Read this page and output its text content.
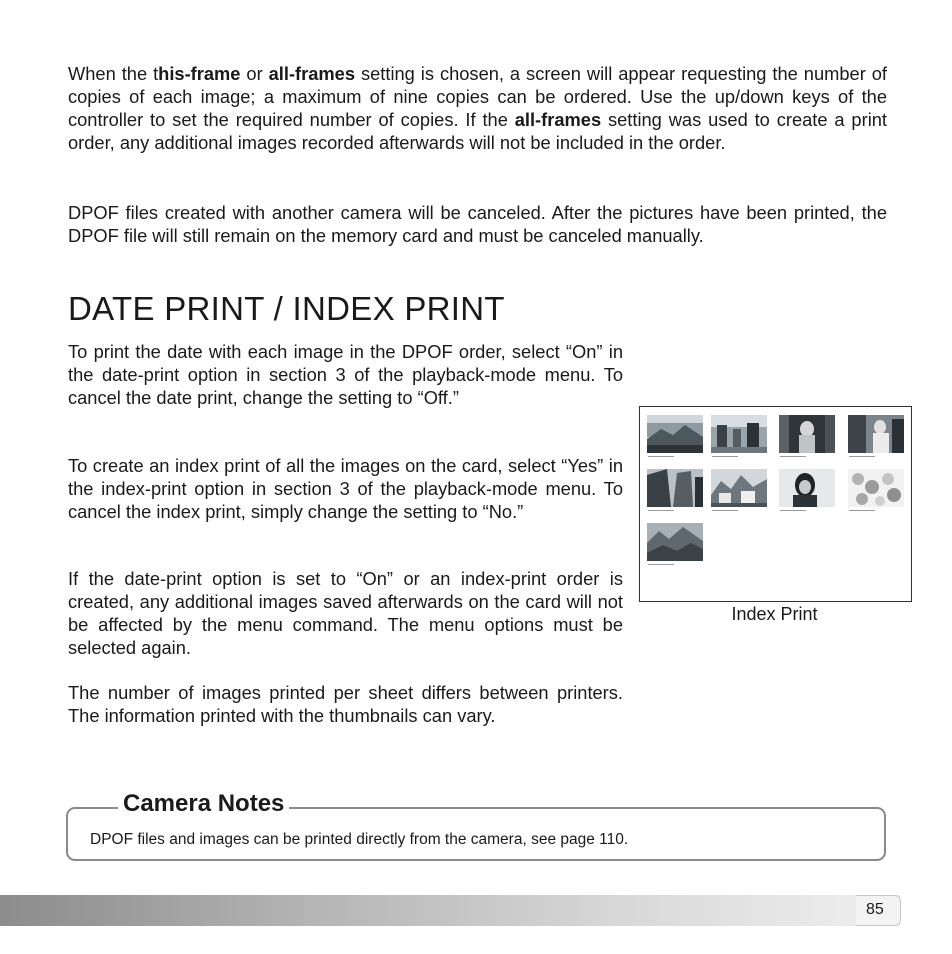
When the this-frame or all-frames setting is chosen, a screen will appear requesting the number of copies of each image; a maximum of nine copies can be ordered. Use the up/down keys of the controller to set the required number of copies. If the all-frames setting was used to create a print order, any additional images recorded afterwards will not be included in the order.

DPOF files created with another camera will be canceled. After the pictures have been printed, the DPOF file will still remain on the memory card and must be canceled manually.

DATE PRINT / INDEX PRINT

To print the date with each image in the DPOF order, select “On” in the date-print option in section 3 of the playback-mode menu. To cancel the date print, change the setting to “Off.”

To create an index print of all the images on the card, select “Yes” in the index-print option in section 3 of the playback-mode menu. To cancel the index print, simply change the setting to “No.”

If the date-print option is set to “On” or an index-print order is created, any additional images saved afterwards on the card will not be affected by the menu command. The menu options must be selected again.

The number of images printed per sheet differs between printers. The information printed with the thumbnails can vary.

Index Print
Camera Notes
DPOF files and images can be printed directly from the camera, see page 110.
85
